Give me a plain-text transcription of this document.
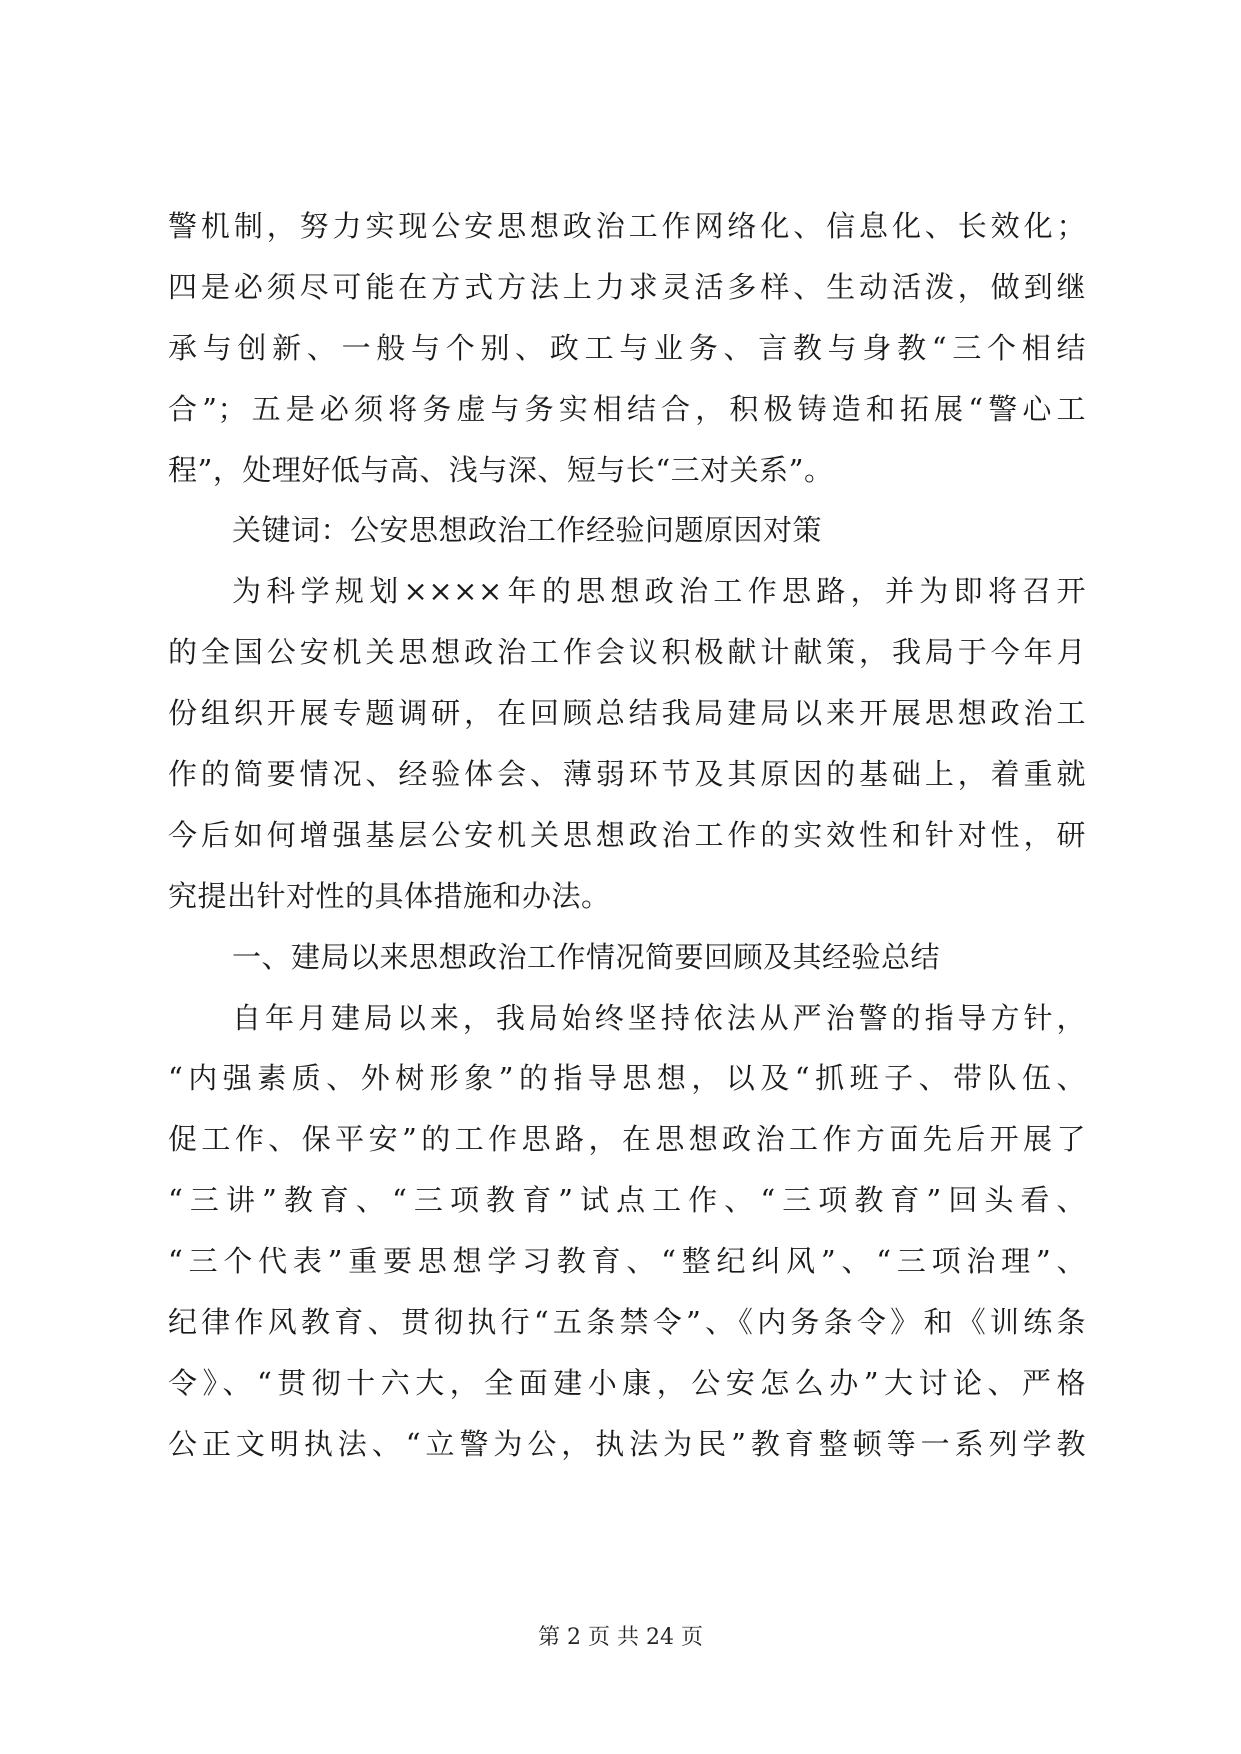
警机制，努力实现公安思想政治工作网络化、信息化、长效化；
四是必须尽可能在方式方法上力求灵活多样、生动活泼，做到继
承与创新、一般与个别、政工与业务、言教与身教“三个相结
合”；五是必须将务虚与务实相结合，积极铸造和拓展“警心工
程”，处理好低与高、浅与深、短与长“三对关系”。
关键词：公安思想政治工作经验问题原因对策
为科学规划××××年的思想政治工作思路，并为即将召开
的全国公安机关思想政治工作会议积极献计献策，我局于今年月
份组织开展专题调研，在回顾总结我局建局以来开展思想政治工
作的简要情况、经验体会、薄弱环节及其原因的基础上，着重就
今后如何增强基层公安机关思想政治工作的实效性和针对性，研
究提出针对性的具体措施和办法。
一、建局以来思想政治工作情况简要回顾及其经验总结
自年月建局以来，我局始终坚持依法从严治警的指导方针，
“内强素质、外树形象”的指导思想，以及“抓班子、带队伍、
促工作、保平安”的工作思路，在思想政治工作方面先后开展了
“三讲”教育、“三项教育”试点工作、“三项教育”回头看、
“三个代表”重要思想学习教育、“整纪纠风”、“三项治理”、
纪律作风教育、贯彻执行“五条禁令”、《内务条令》和《训练条
令》、“贯彻十六大，全面建小康，公安怎么办”大讨论、严格
公正文明执法、“立警为公，执法为民”教育整顿等一系列学教
第 2 页 共 24 页
